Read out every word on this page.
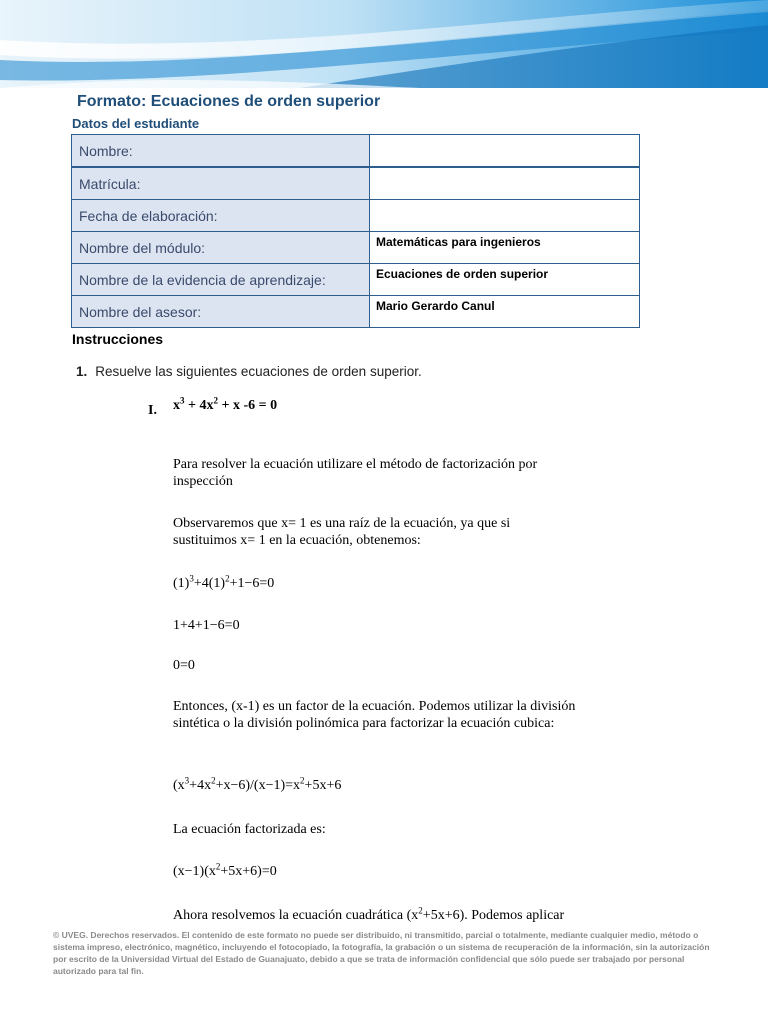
Formato: Ecuaciones de orden superior
Datos del estudiante
Nombre:	
Matrícula:	
Fecha de elaboración:	
Nombre del módulo:	Matemáticas para ingenieros
Nombre de la evidencia de aprendizaje:	Ecuaciones de orden superior
Nombre del asesor:	Mario Gerardo Canul
Instrucciones
1. Resuelve las siguientes ecuaciones de orden superior.
I. $x^3 + 4x^2 + x$ -6 = 0
Para resolver la ecuación utilizare el método de factorización por inspección
Observaremos que x= 1 es una raíz de la ecuación, ya que si sustituimos x= 1 en la ecuación, obtenemos:
$(1)^3+4(1)^2+1-6=0$
1+4+1−6=0
0=0
Entonces, (x-1) es un factor de la ecuación. Podemos utilizar la división sintética o la división polinómica para factorizar la ecuación cubica:
$(x^3+4x^2+x-6)/(x-1)=x^2+5x+6$
La ecuación factorizada es:
$(x-1)(x^2+5x+6)=0$
Ahora resolvemos la ecuación cuadrática $(x^2+5x+6)$. Podemos aplicar
© UVEG. Derechos reservados. El contenido de este formato no puede ser distribuido, ni transmitido, parcial o totalmente, mediante cualquier medio, método o sistema impreso, electrónico, magnético, incluyendo el fotocopiado, la fotografía, la grabación o un sistema de recuperación de la información, sin la autorización por escrito de la Universidad Virtual del Estado de Guanajuato, debido a que se trata de información confidencial que sólo puede ser trabajado por personal autorizado para tal fin.
